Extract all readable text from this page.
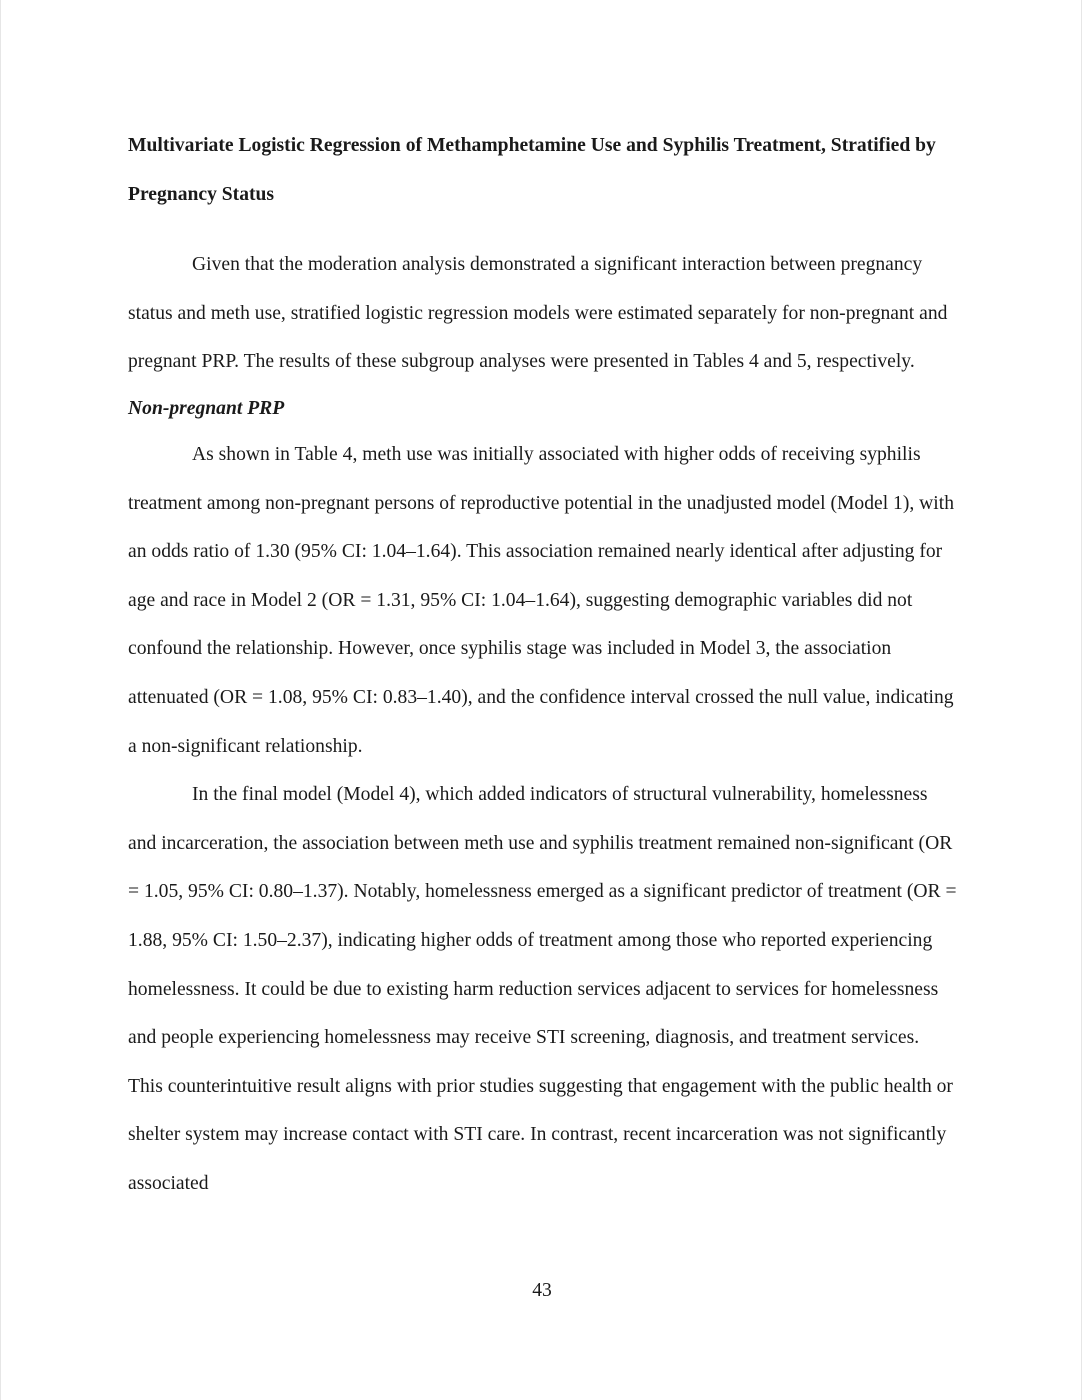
Multivariate Logistic Regression of Methamphetamine Use and Syphilis Treatment, Stratified by Pregnancy Status

Given that the moderation analysis demonstrated a significant interaction between pregnancy status and meth use, stratified logistic regression models were estimated separately for non-pregnant and pregnant PRP. The results of these subgroup analyses were presented in Tables 4 and 5, respectively.

Non-pregnant PRP

As shown in Table 4, meth use was initially associated with higher odds of receiving syphilis treatment among non-pregnant persons of reproductive potential in the unadjusted model (Model 1), with an odds ratio of 1.30 (95% CI: 1.04–1.64). This association remained nearly identical after adjusting for age and race in Model 2 (OR = 1.31, 95% CI: 1.04–1.64), suggesting demographic variables did not confound the relationship. However, once syphilis stage was included in Model 3, the association attenuated (OR = 1.08, 95% CI: 0.83–1.40), and the confidence interval crossed the null value, indicating a non-significant relationship.

In the final model (Model 4), which added indicators of structural vulnerability, homelessness and incarceration, the association between meth use and syphilis treatment remained non-significant (OR = 1.05, 95% CI: 0.80–1.37). Notably, homelessness emerged as a significant predictor of treatment (OR = 1.88, 95% CI: 1.50–2.37), indicating higher odds of treatment among those who reported experiencing homelessness. It could be due to existing harm reduction services adjacent to services for homelessness and people experiencing homelessness may receive STI screening, diagnosis, and treatment services. This counterintuitive result aligns with prior studies suggesting that engagement with the public health or shelter system may increase contact with STI care. In contrast, recent incarceration was not significantly associated

43
